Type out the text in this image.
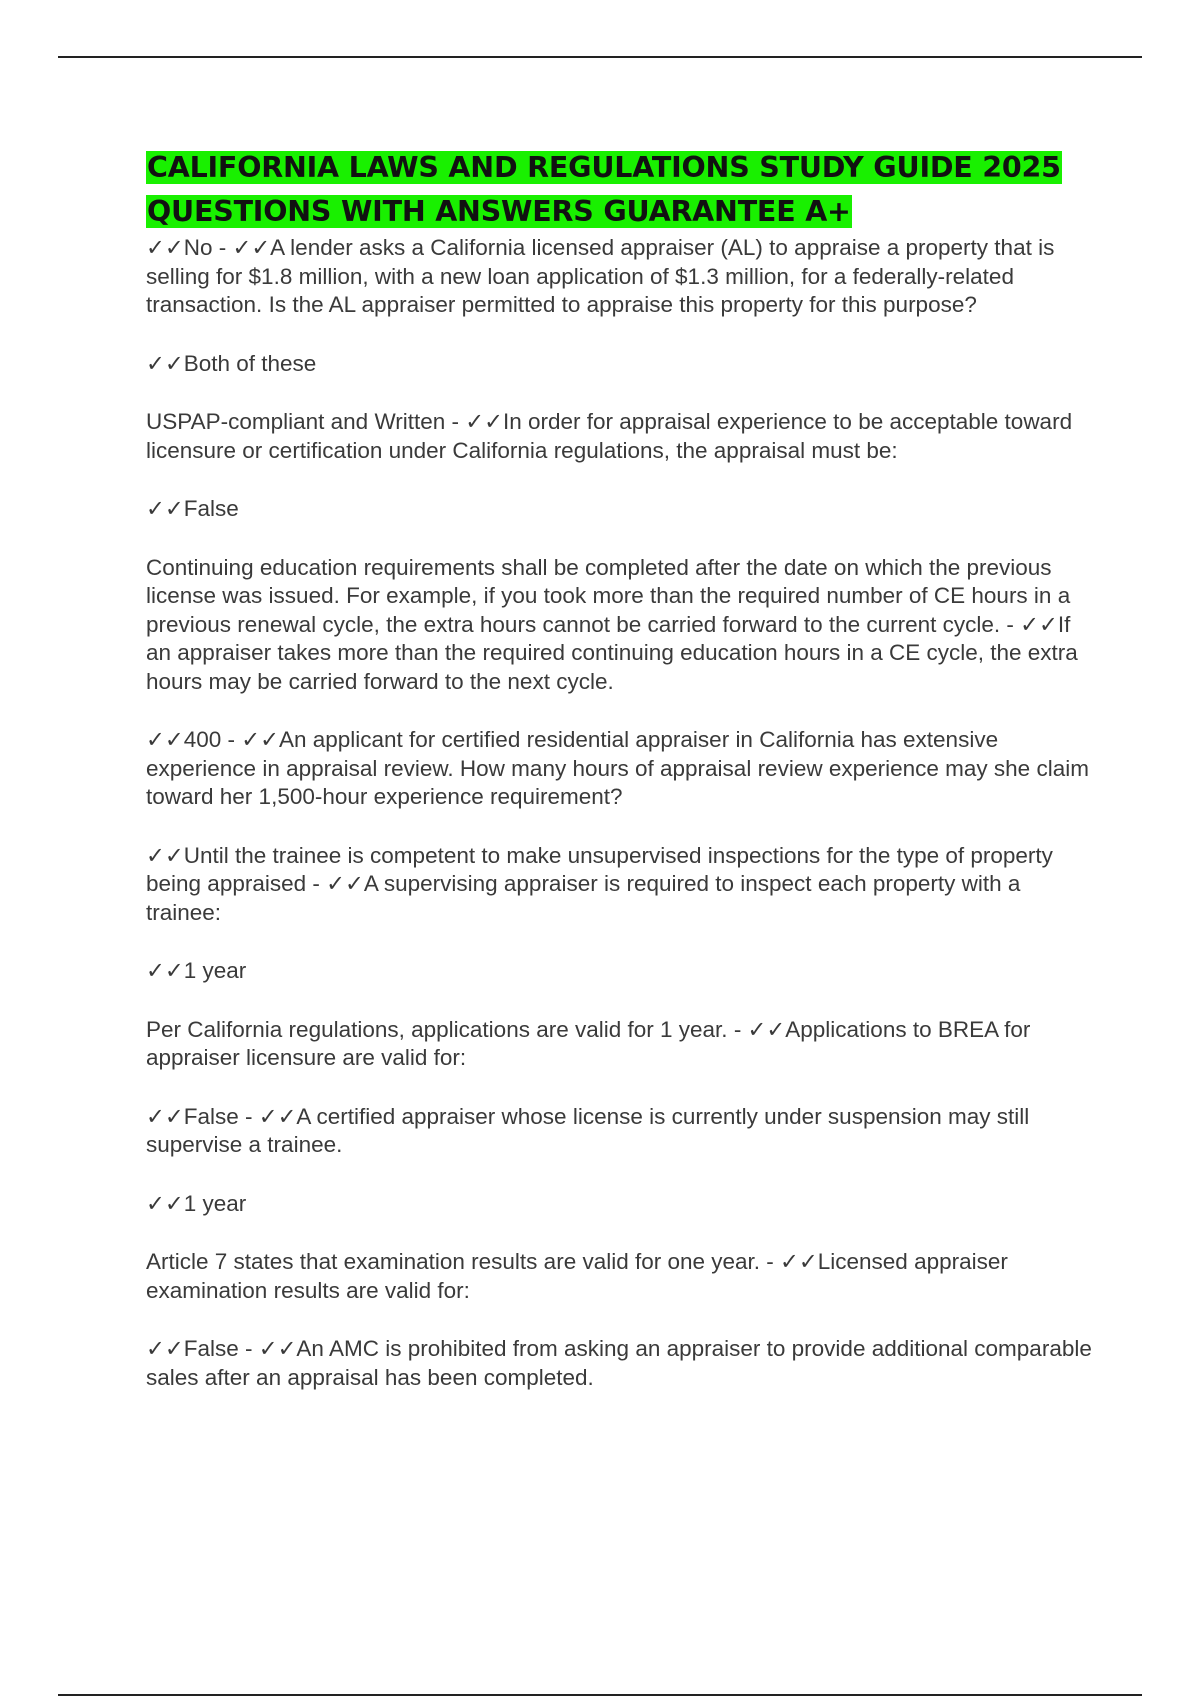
CALIFORNIA LAWS AND REGULATIONS STUDY GUIDE 2025
QUESTIONS WITH ANSWERS GUARANTEE A+

✓✓No - ✓✓A lender asks a California licensed appraiser (AL) to appraise a property that is selling for $1.8 million, with a new loan application of $1.3 million, for a federally-related transaction. Is the AL appraiser permitted to appraise this property for this purpose?

✓✓Both of these

USPAP-compliant and Written - ✓✓In order for appraisal experience to be acceptable toward licensure or certification under California regulations, the appraisal must be:

✓✓False

Continuing education requirements shall be completed after the date on which the previous license was issued. For example, if you took more than the required number of CE hours in a previous renewal cycle, the extra hours cannot be carried forward to the current cycle. - ✓✓If an appraiser takes more than the required continuing education hours in a CE cycle, the extra hours may be carried forward to the next cycle.

✓✓400 - ✓✓An applicant for certified residential appraiser in California has extensive experience in appraisal review. How many hours of appraisal review experience may she claim toward her 1,500-hour experience requirement?

✓✓Until the trainee is competent to make unsupervised inspections for the type of property being appraised - ✓✓A supervising appraiser is required to inspect each property with a trainee:

✓✓1 year

Per California regulations, applications are valid for 1 year. - ✓✓Applications to BREA for appraiser licensure are valid for:

✓✓False - ✓✓A certified appraiser whose license is currently under suspension may still supervise a trainee.

✓✓1 year

Article 7 states that examination results are valid for one year. - ✓✓Licensed appraiser examination results are valid for:

✓✓False - ✓✓An AMC is prohibited from asking an appraiser to provide additional comparable sales after an appraisal has been completed.
